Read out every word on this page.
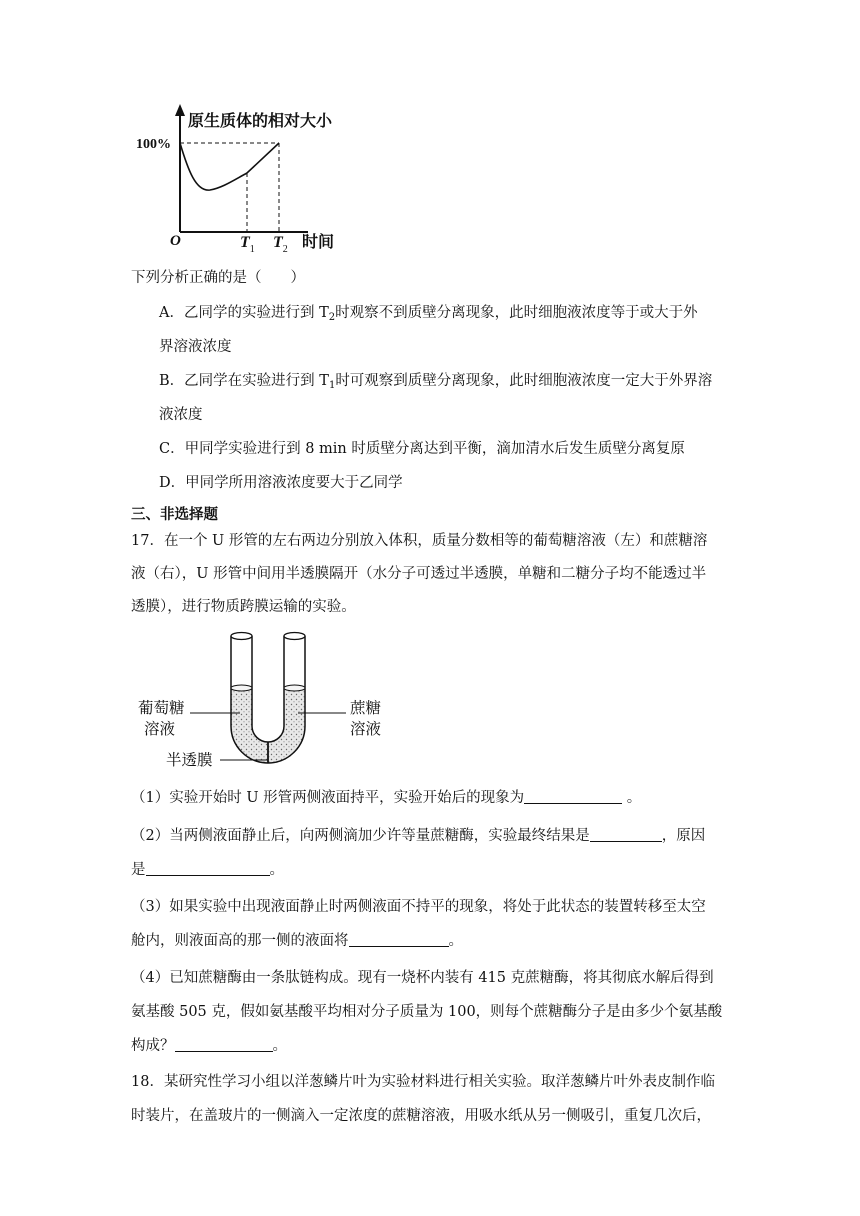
原生质体的相对大小
100%
O	$T_1$ $T_2$ 时间
下列分析正确的是（　　）
A．乙同学的实验进行到 $T_2$时观察不到质壁分离现象，此时细胞液浓度等于或大于外
界溶液浓度
B．乙同学在实验进行到 $T_1$时可观察到质壁分离现象，此时细胞液浓度一定大于外界溶
液浓度
C．甲同学实验进行到 8 min 时质壁分离达到平衡，滴加清水后发生质壁分离复原
D．甲同学所用溶液浓度要大于乙同学
三、非选择题
17．在一个 U 形管的左右两边分别放入体积，质量分数相等的葡萄糖溶液（左）和蔗糖溶
液（右），U 形管中间用半透膜隔开（水分子可透过半透膜，单糖和二糖分子均不能透过半
透膜），进行物质跨膜运输的实验。
葡萄糖
溶液
蔗糖
溶液
半透膜
（1）实验开始时 U 形管两侧液面持平，实验开始后的现象为	。
（2）当两侧液面静止后，向两侧滴加少许等量蔗糖酶，实验最终结果是	，原因
是	。
（3）如果实验中出现液面静止时两侧液面不持平的现象，将处于此状态的装置转移至太空
舱内，则液面高的那一侧的液面将	。
（4）已知蔗糖酶由一条肽链构成。现有一烧杯内装有 415 克蔗糖酶，将其彻底水解后得到
氨基酸 505 克，假如氨基酸平均相对分子质量为 100，则每个蔗糖酶分子是由多少个氨基酸
构成？	。
18．某研究性学习小组以洋葱鳞片叶为实验材料进行相关实验。取洋葱鳞片叶外表皮制作临
时装片，在盖玻片的一侧滴入一定浓度的蔗糖溶液，用吸水纸从另一侧吸引，重复几次后，
